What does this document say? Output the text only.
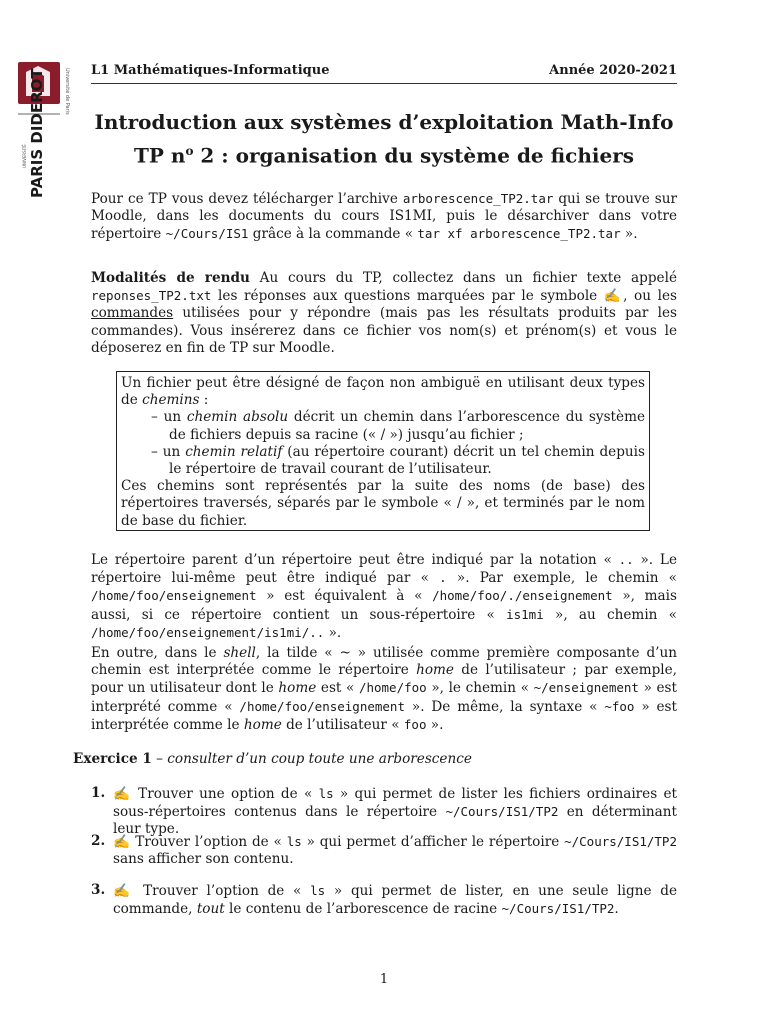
Université de Paris
PARIS DIDEROT
UNIVERSITÉ
L1 Mathématiques-Informatique	Année 2020-2021
Introduction aux systèmes d’exploitation Math-Info
TP $n^o$ 2 : organisation du système de fichiers
Pour ce TP vous devez télécharger l’archive arborescence_TP2.tar qui se trouve sur Moodle, dans les documents du cours IS1MI, puis le désarchiver dans votre répertoire ~/Cours/IS1 grâce à la commande « tar xf arborescence_TP2.tar ».
Modalités de rendu Au cours du TP, collectez dans un fichier texte appelé reponses_TP2.txt les réponses aux questions marquées par le symbole ✍, ou les commandes utilisées pour y répondre (mais pas les résultats produits par les commandes). Vous insérerez dans ce fichier vos nom(s) et prénom(s) et vous le déposerez en fin de TP sur Moodle.
Un fichier peut être désigné de façon non ambiguë en utilisant deux types de chemins :
– un chemin absolu décrit un chemin dans l’arborescence du système de fichiers depuis sa racine (« / ») jusqu’au fichier ;
– un chemin relatif (au répertoire courant) décrit un tel chemin depuis le répertoire de travail courant de l’utilisateur.
Ces chemins sont représentés par la suite des noms (de base) des répertoires traversés, séparés par le symbole « / », et terminés par le nom de base du fichier.
Le répertoire parent d’un répertoire peut être indiqué par la notation « .. ». Le répertoire lui-même peut être indiqué par « . ». Par exemple, le chemin « /home/foo/enseignement » est équivalent à « /home/foo/./enseignement », mais aussi, si ce répertoire contient un sous-répertoire « is1mi », au chemin « /home/foo/enseignement/is1mi/.. ».
En outre, dans le shell, la tilde « ~ » utilisée comme première composante d’un chemin est interprétée comme le répertoire home de l’utilisateur ; par exemple, pour un utilisateur dont le home est « /home/foo », le chemin « ~/enseignement » est interprété comme « /home/foo/enseignement ». De même, la syntaxe « ~foo » est interprétée comme le home de l’utilisateur « foo ».
Exercice 1 – consulter d’un coup toute une arborescence
1. ✍ Trouver une option de « ls » qui permet de lister les fichiers ordinaires et sous-répertoires contenus dans le répertoire ~/Cours/IS1/TP2 en déterminant leur type.
2. ✍ Trouver l’option de « ls » qui permet d’afficher le répertoire ~/Cours/IS1/TP2 sans afficher son contenu.
3. ✍ Trouver l’option de « ls » qui permet de lister, en une seule ligne de commande, tout le contenu de l’arborescence de racine ~/Cours/IS1/TP2.
1
